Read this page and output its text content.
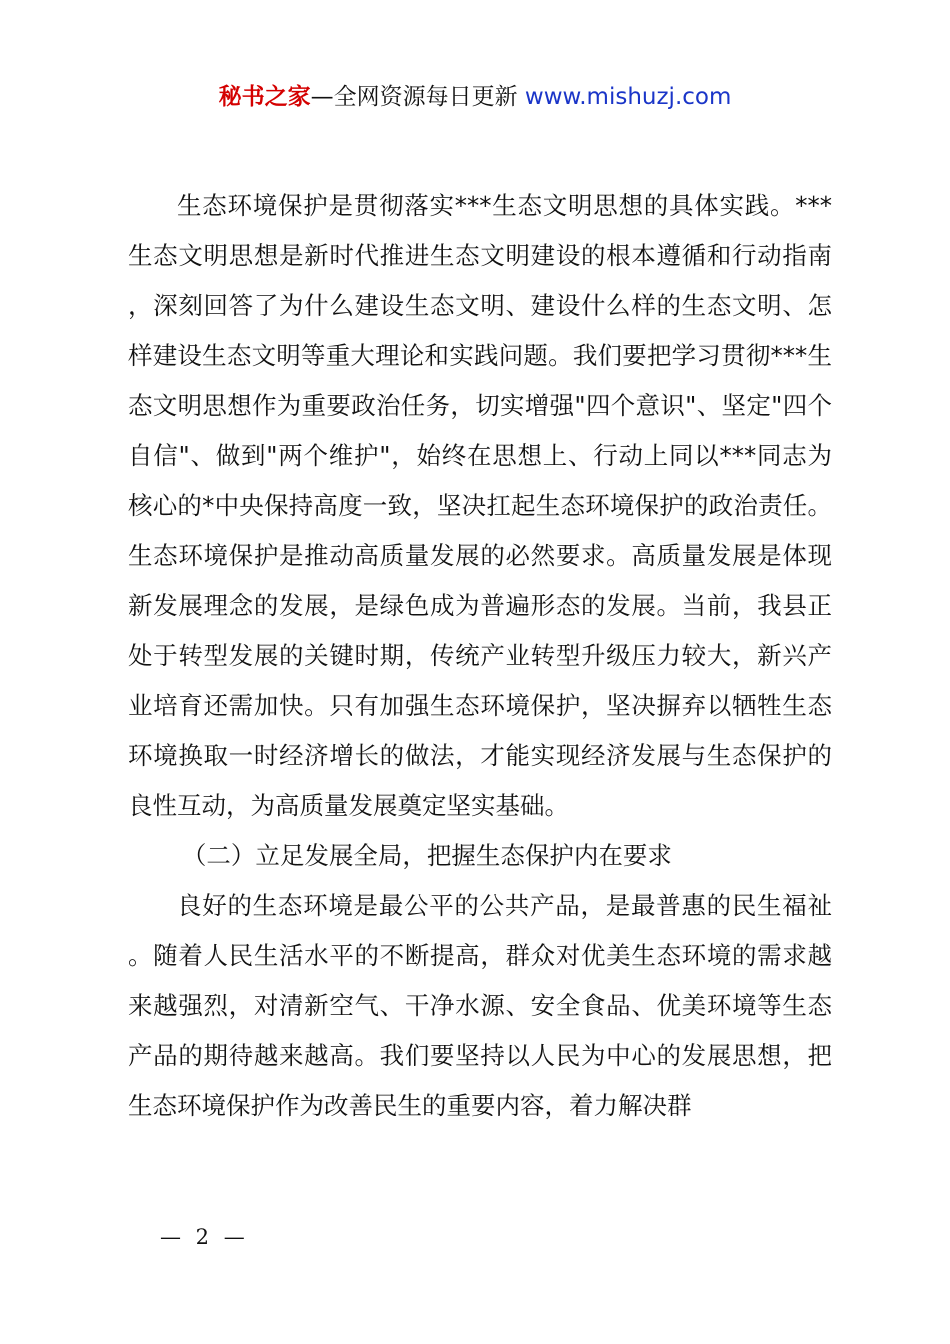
秘书之家—全网资源每日更新 www.mishuzj.com

生态环境保护是贯彻落实***生态文明思想的具体实践。***生态文明思想是新时代推进生态文明建设的根本遵循和行动指南，深刻回答了为什么建设生态文明、建设什么样的生态文明、怎样建设生态文明等重大理论和实践问题。我们要把学习贯彻***生态文明思想作为重要政治任务，切实增强"四个意识"、坚定"四个自信"、做到"两个维护"，始终在思想上、行动上同以***同志为核心的*中央保持高度一致，坚决扛起生态环境保护的政治责任。生态环境保护是推动高质量发展的必然要求。高质量发展是体现新发展理念的发展，是绿色成为普遍形态的发展。当前，我县正处于转型发展的关键时期，传统产业转型升级压力较大，新兴产业培育还需加快。只有加强生态环境保护，坚决摒弃以牺牲生态环境换取一时经济增长的做法，才能实现经济发展与生态保护的良性互动，为高质量发展奠定坚实基础。

（二）立足发展全局，把握生态保护内在要求

良好的生态环境是最公平的公共产品，是最普惠的民生福祉。随着人民生活水平的不断提高，群众对优美生态环境的需求越来越强烈，对清新空气、干净水源、安全食品、优美环境等生态产品的期待越来越高。我们要坚持以人民为中心的发展思想，把生态环境保护作为改善民生的重要内容，着力解决群

— 2 —
